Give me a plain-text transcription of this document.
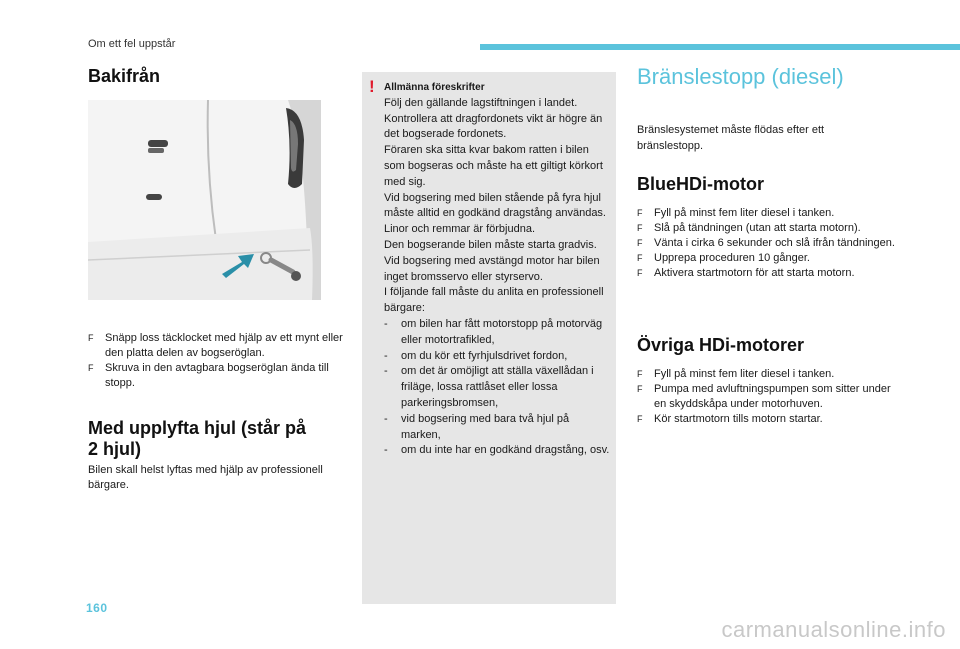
Om ett fel uppstår
Bakifrån
F Snäpp loss täcklocket med hjälp av ett mynt eller den platta delen av bogseröglan.
F Skruva in den avtagbara bogseröglan ända till stopp.
Med upplyfta hjul (står på
2 hjul)

Bilen skall helst lyftas med hjälp av professionell bärgare.

! Allmänna föreskrifter
Följ den gällande lagstiftningen i landet.
Kontrollera att dragfordonets vikt är högre än det bogserade fordonets.
Föraren ska sitta kvar bakom ratten i bilen som bogseras och måste ha ett giltigt körkort med sig.
Vid bogsering med bilen stående på fyra hjul måste alltid en godkänd dragstång användas. Linor och remmar är förbjudna.
Den bogserande bilen måste starta gradvis.
Vid bogsering med avstängd motor har bilen inget bromsservo eller styrservo.
I följande fall måste du anlita en professionell bärgare:
- om bilen har fått motorstopp på motorväg eller motortrafikled,
- om du kör ett fyrhjulsdrivet fordon,
- om det är omöjligt att ställa växellådan i friläge, lossa rattlåset eller lossa parkeringsbromsen,
- vid bogsering med bara två hjul på marken,
- om du inte har en godkänd dragstång, osv.
Bränslestopp (diesel)

Bränslesystemet måste flödas efter ett bränslestopp.

BlueHDi-motor
F Fyll på minst fem liter diesel i tanken.
F Slå på tändningen (utan att starta motorn).
F Vänta i cirka 6 sekunder och slå ifrån tändningen.
F Upprepa proceduren 10 gånger.
F Aktivera startmotorn för att starta motorn.
Övriga HDi-motorer
F Fyll på minst fem liter diesel i tanken.
F Pumpa med avluftningspumpen som sitter under en skyddskåpa under motorhuven.
F Kör startmotorn tills motorn startar.
160
carmanualsonline.info
